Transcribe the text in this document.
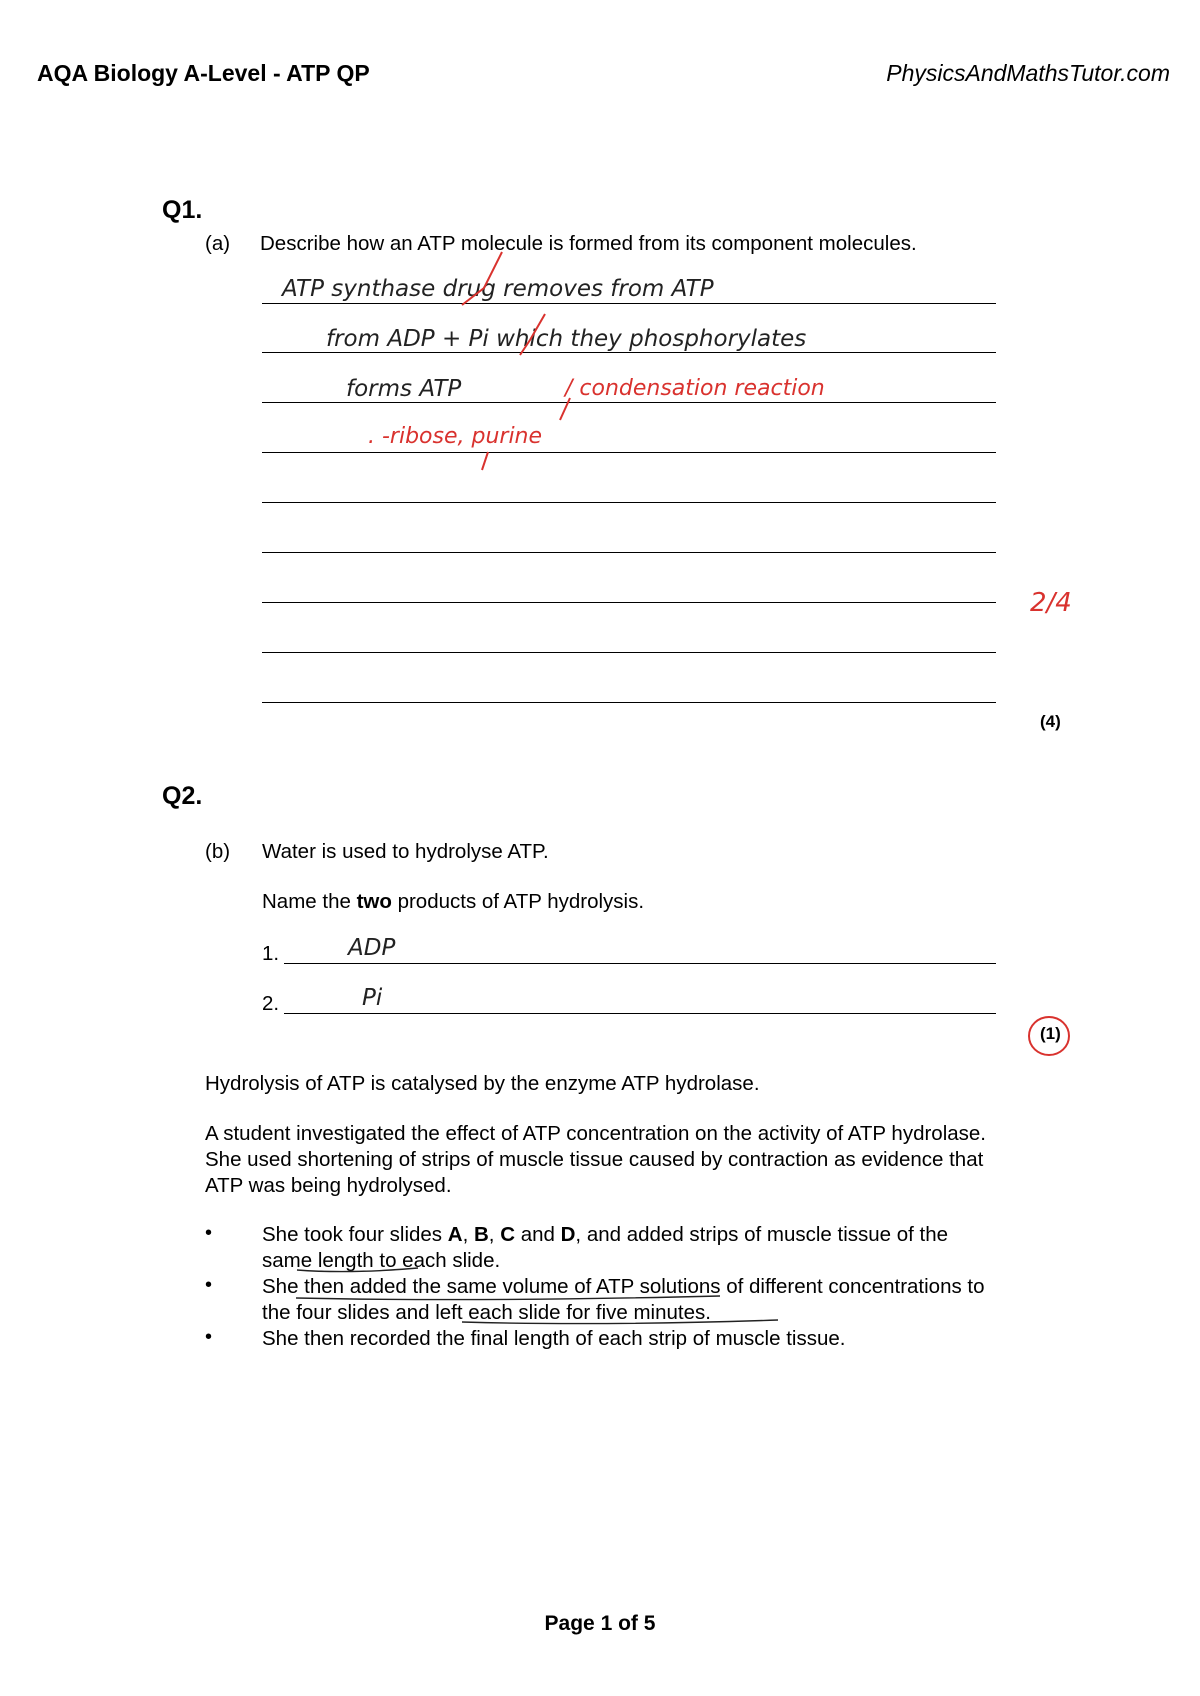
AQA Biology A-Level - ATP QP	PhysicsAndMathsTutor.com
Q1.
(a) Describe how an ATP molecule is formed from its component molecules.
ATP synthase drug removes from ATP
from ADP + Pi which they phosphorylates
forms ATP
. -ribose, purine
/ condensation reaction
2/4
(4)
Q2.
(b) Water is used to hydrolyse ATP.
Name the two products of ATP hydrolysis.
1.	ADP
2.	Pi
(1)
Hydrolysis of ATP is catalysed by the enzyme ATP hydrolase.
A student investigated the effect of ATP concentration on the activity of ATP hydrolase. She used shortening of strips of muscle tissue caused by contraction as evidence that ATP was being hydrolysed.
• She took four slides A, B, C and D, and added strips of muscle tissue of the same length to each slide.
• She then added the same volume of ATP solutions of different concentrations to the four slides and left each slide for five minutes.
• She then recorded the final length of each strip of muscle tissue.
Page 1 of 5
